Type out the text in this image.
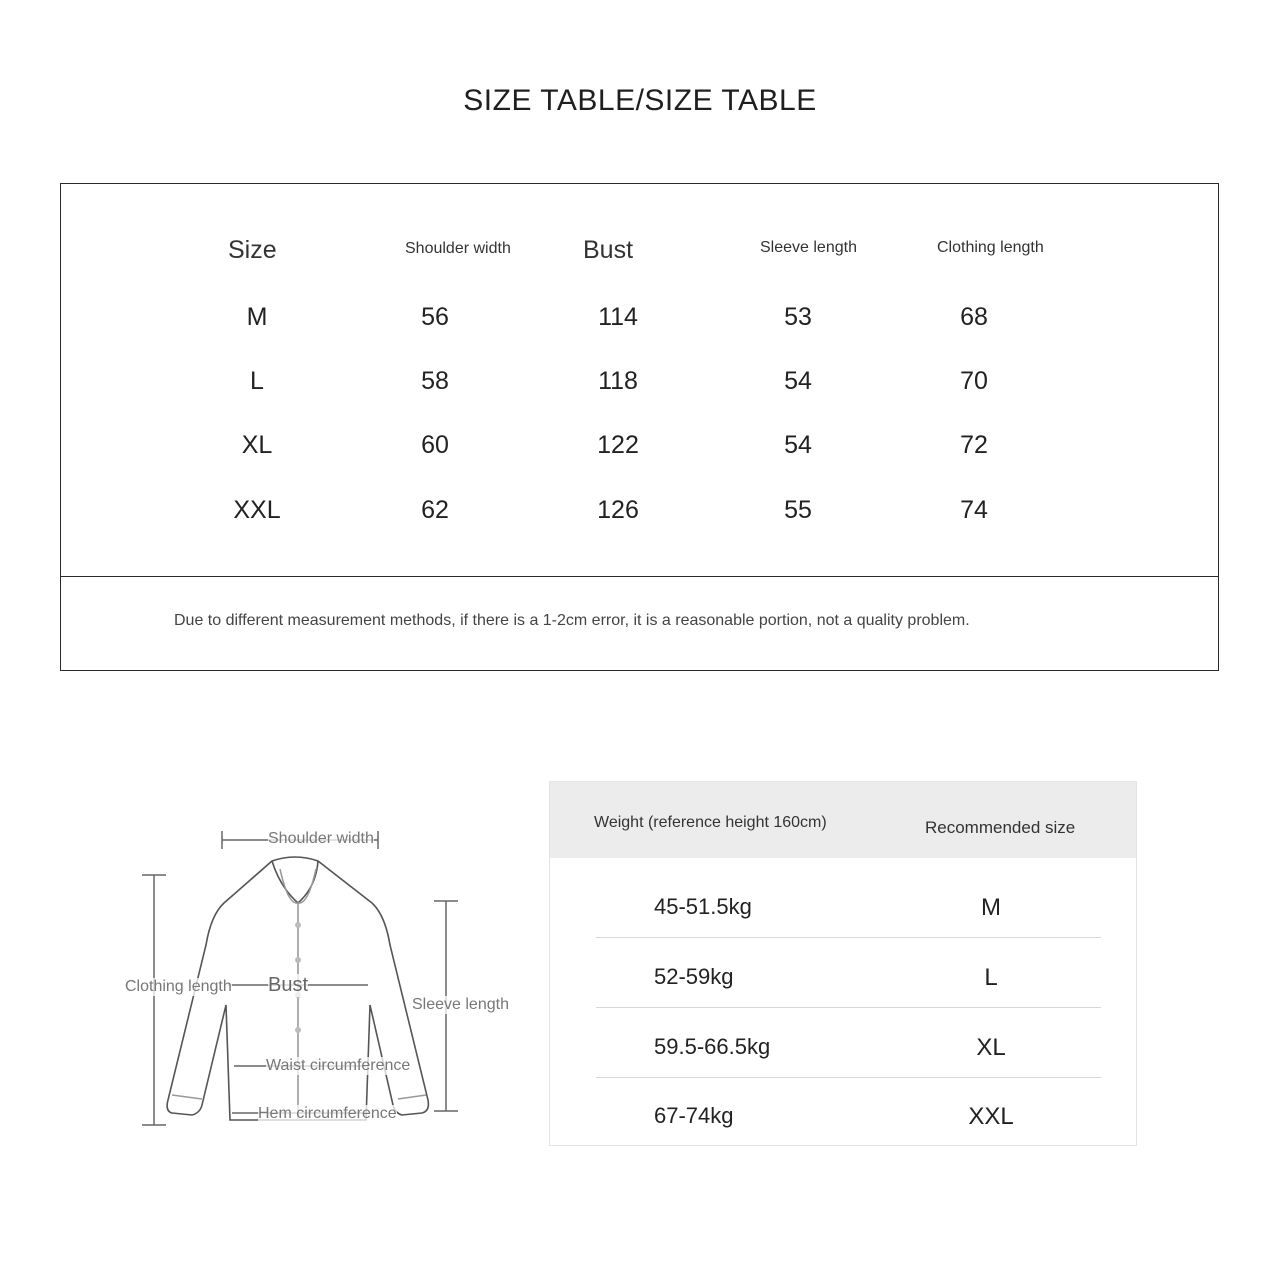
SIZE TABLE/SIZE TABLE
Size	Shoulder width	Bust	Sleeve length	Clothing length
M	56	114	53	68
L	58	118	54	70
XL	60	122	54	72
XXL	62	126	55	74
Due to different measurement methods, if there is a 1-2cm error, it is a reasonable portion, not a quality problem.
Shoulder width
Clothing length Bust
Sleeve length
Waist circumference
Hem circumference
Weight (reference height 160cm)	Recommended size
45-51.5kg	M
52-59kg	L
59.5-66.5kg	XL
67-74kg	XXL
